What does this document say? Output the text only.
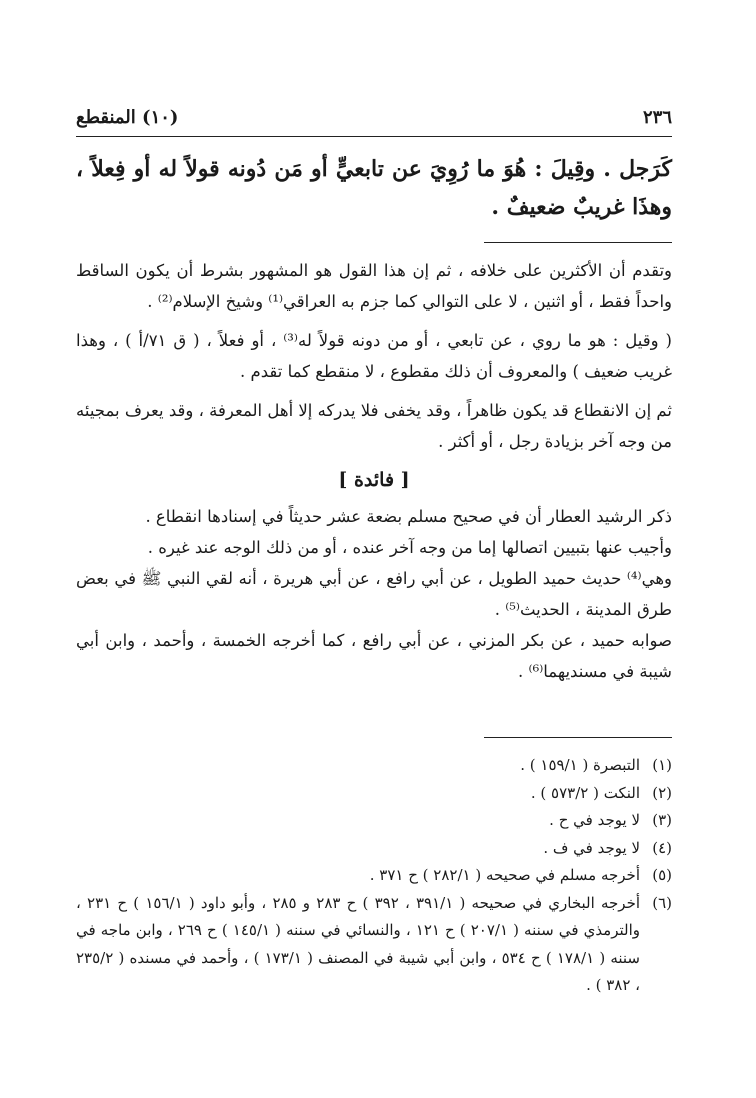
٢٣٦
(١٠) المنقطع

كَرَجل . وقِيلَ : هُوَ ما رُوِيَ عن تابعيٍّ أو مَن دُونه قولاً له أو فِعلاً ، وهذَا غريبٌ ضعيفٌ .

وتقدم أن الأكثرين على خلافه ، ثم إن هذا القول هو المشهور بشرط أن يكون الساقط واحداً فقط ، أو اثنين ، لا على التوالي كما جزم به العراقي⁽¹⁾ وشيخ الإسلام⁽²⁾ .

( وقيل : هو ما روي ، عن تابعي ، أو من دونه قولاً له⁽³⁾ ، أو فعلاً ، ( ق ٧١/أ ) ، وهذا غريب ضعيف ) والمعروف أن ذلك مقطوع ، لا منقطع كما تقدم .

ثم إن الانقطاع قد يكون ظاهراً ، وقد يخفى فلا يدركه إلا أهل المعرفة ، وقد يعرف بمجيئه من وجه آخر بزيادة رجل ، أو أكثر .

[ فائدة ]

ذكر الرشيد العطار أن في صحيح مسلم بضعة عشر حديثاً في إسنادها انقطاع .

وأجيب عنها بتبيين اتصالها إما من وجه آخر عنده ، أو من ذلك الوجه عند غيره .

وهي⁽⁴⁾ حديث حميد الطويل ، عن أبي رافع ، عن أبي هريرة ، أنه لقي النبي ﷺ في بعض طرق المدينة ، الحديث⁽⁵⁾ .

صوابه حميد ، عن بكر المزني ، عن أبي رافع ، كما أخرجه الخمسة ، وأحمد ، وابن أبي شيبة في مسنديهما⁽⁶⁾ .

(١)
التبصرة ( ١٥٩/١ ) .
(٢)
النكت ( ٥٧٣/٢ ) .
(٣)
لا يوجد في ح .
(٤)
لا يوجد في ف .
(٥)
أخرجه مسلم في صحيحه ( ٢٨٢/١ ) ح ٣٧١ .
(٦)
أخرجه البخاري في صحيحه ( ٣٩١/١ ، ٣٩٢ ) ح ٢٨٣ و ٢٨٥ ، وأبو داود ( ١٥٦/١ ) ح ٢٣١ ، والترمذي في سننه ( ٢٠٧/١ ) ح ١٢١ ، والنسائي في سننه ( ١٤٥/١ ) ح ٢٦٩ ، وابن ماجه في سننه ( ١٧٨/١ ) ح ٥٣٤ ، وابن أبي شيبة في المصنف ( ١٧٣/١ ) ، وأحمد في مسنده ( ٢٣٥/٢ ، ٣٨٢ ) .
